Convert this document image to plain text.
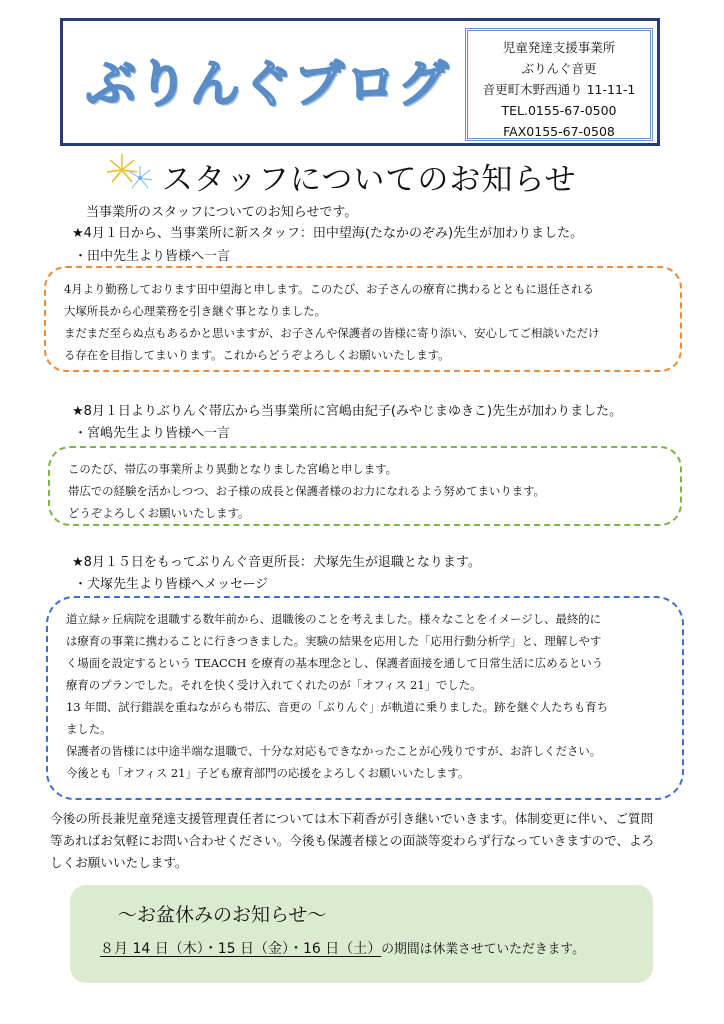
ぶりんぐブログ
児童発達支援事業所
ぶりんぐ音更
音更町木野西通り 11-11-1
TEL.0155-67-0500
FAX0155-67-0508
スタッフについてのお知らせ
当事業所のスタッフについてのお知らせです。
★4月１日から、当事業所に新スタッフ：田中望海(たなかのぞみ)先生が加わりました。
・田中先生より皆様へ一言

4月より勤務しております田中望海と申します。このたび、お子さんの療育に携わるとともに退任される

大塚所長から心理業務を引き継ぐ事となりました。

まだまだ至らぬ点もあるかと思いますが、お子さんや保護者の皆様に寄り添い、安心してご相談いただけ

る存在を目指してまいります。これからどうぞよろしくお願いいたします。

★8月１日よりぶりんぐ帯広から当事業所に宮嶋由紀子(みやじまゆきこ)先生が加わりました。
・宮嶋先生より皆様へ一言

このたび、帯広の事業所より異動となりました宮嶋と申します。

帯広での経験を活かしつつ、お子様の成長と保護者様のお力になれるよう努めてまいります。

どうぞよろしくお願いいたします。

★8月１５日をもってぶりんぐ音更所長：犬塚先生が退職となります。
・犬塚先生より皆様へメッセージ

道立緑ヶ丘病院を退職する数年前から、退職後のことを考えました。様々なことをイメージし、最終的に

は療育の事業に携わることに行きつきました。実験の結果を応用した「応用行動分析学」と、理解しやす

く場面を設定するという TEACCH を療育の基本理念とし、保護者面接を通して日常生活に広めるという

療育のプランでした。それを快く受け入れてくれたのが「オフィス 21」でした。

13 年間、試行錯誤を重ねながらも帯広、音更の「ぶりんぐ」が軌道に乗りました。跡を継ぐ人たちも育ち

ました。

保護者の皆様には中途半端な退職で、十分な対応もできなかったことが心残りですが、お許しください。

今後とも「オフィス 21」子ども療育部門の応援をよろしくお願いいたします。

今後の所長兼児童発達支援管理責任者については木下莉香が引き継いでいきます。体制変更に伴い、ご質問
等あればお気軽にお問い合わせください。今後も保護者様との面談等変わらず行なっていきますので、よろ
しくお願いいたします。
～お盆休みのお知らせ～
８月 14 日（木）・15 日（金）・16 日（土）の期間は休業させていただきます。
